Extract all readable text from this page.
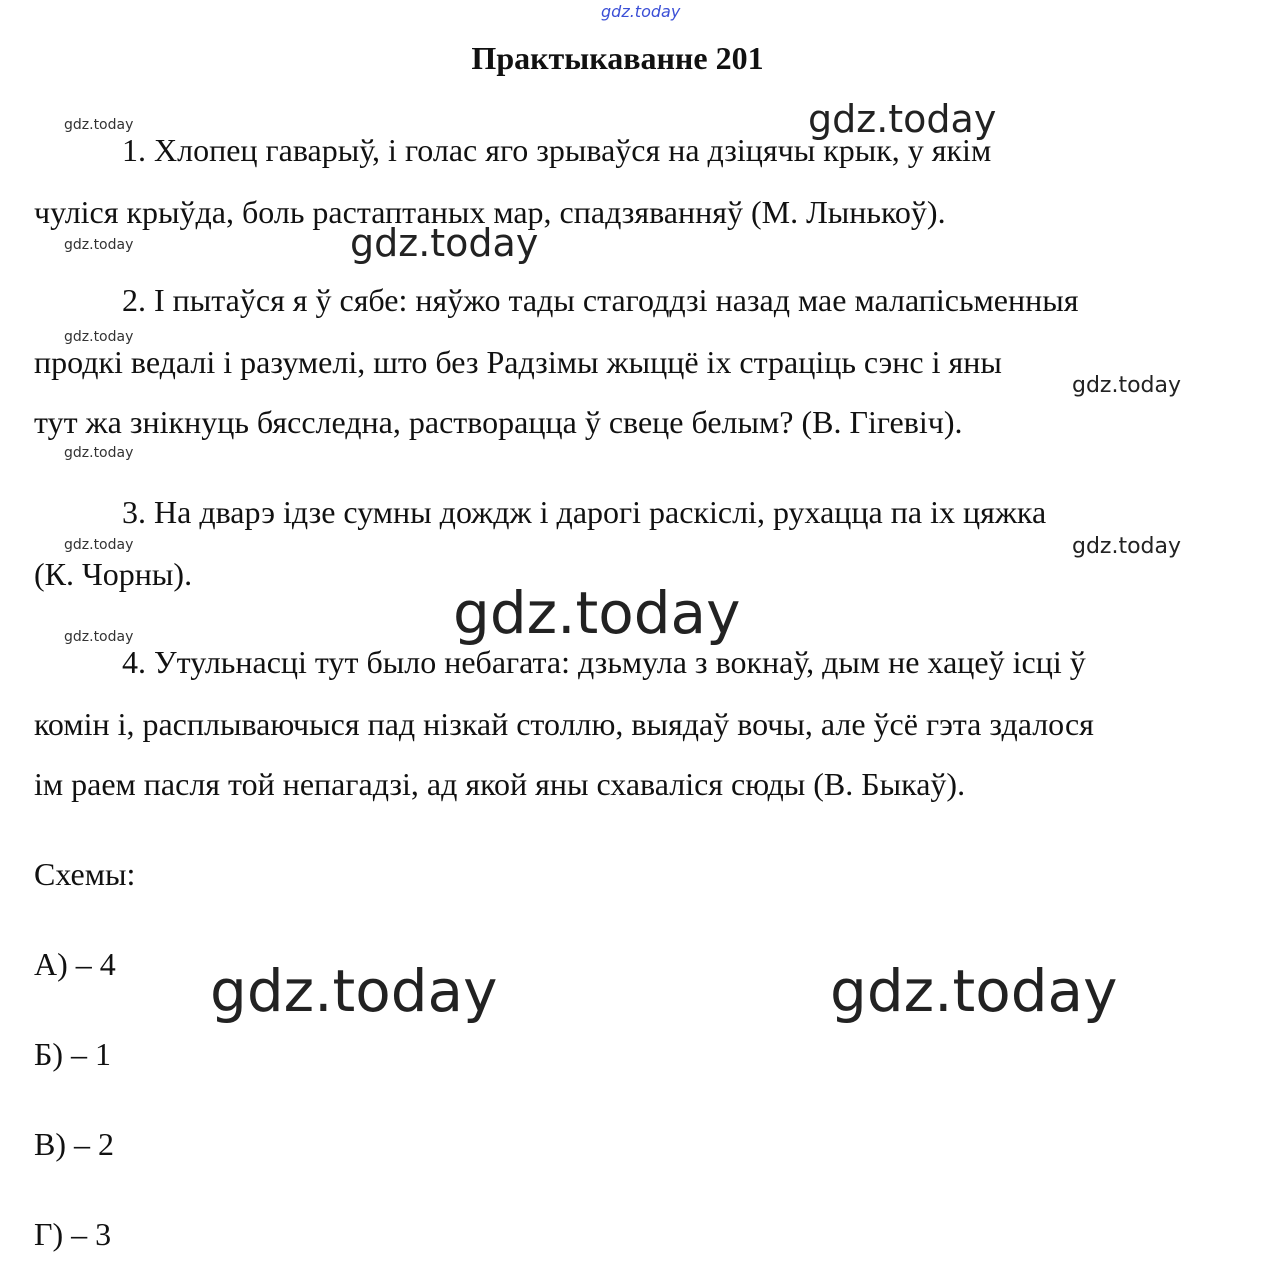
gdz.today
gdz.today
gdz.today
gdz.today
gdz.today
gdz.today
gdz.today
gdz.today
gdz.today	gdz.today
gdz.today
gdz.today
gdz.today	gdz.today
Практыкаванне 201
1. Хлопец гаварыў, і голас яго зрываўся на дзіцячы крык, у якім
чуліся крыўда, боль растаптаных мар, спадзяванняў (М. Лынькоў).
2. І пытаўся я ў сябе: няўжо тады стагоддзі назад мае малапісьменныя
продкі ведалі і разумелі, што без Радзімы жыццё іх страціць сэнс і яны
тут жа знікнуць бясследна, растворацца ў свеце белым? (В. Гігевіч).
3. На дварэ ідзе сумны дождж і дарогі раскіслі, рухацца па іх цяжка
(К. Чорны).
4. Утульнасці тут было небагата: дзьмула з вокнаў, дым не хацеў ісці ў
комін і, расплываючыся пад нізкай столлю, выядаў вочы, але ўсё гэта здалося
ім раем пасля той непагадзі, ад якой яны схаваліся сюды (В. Быкаў).
Схемы:
А) – 4
Б) – 1
В) – 2
Г) – 3
